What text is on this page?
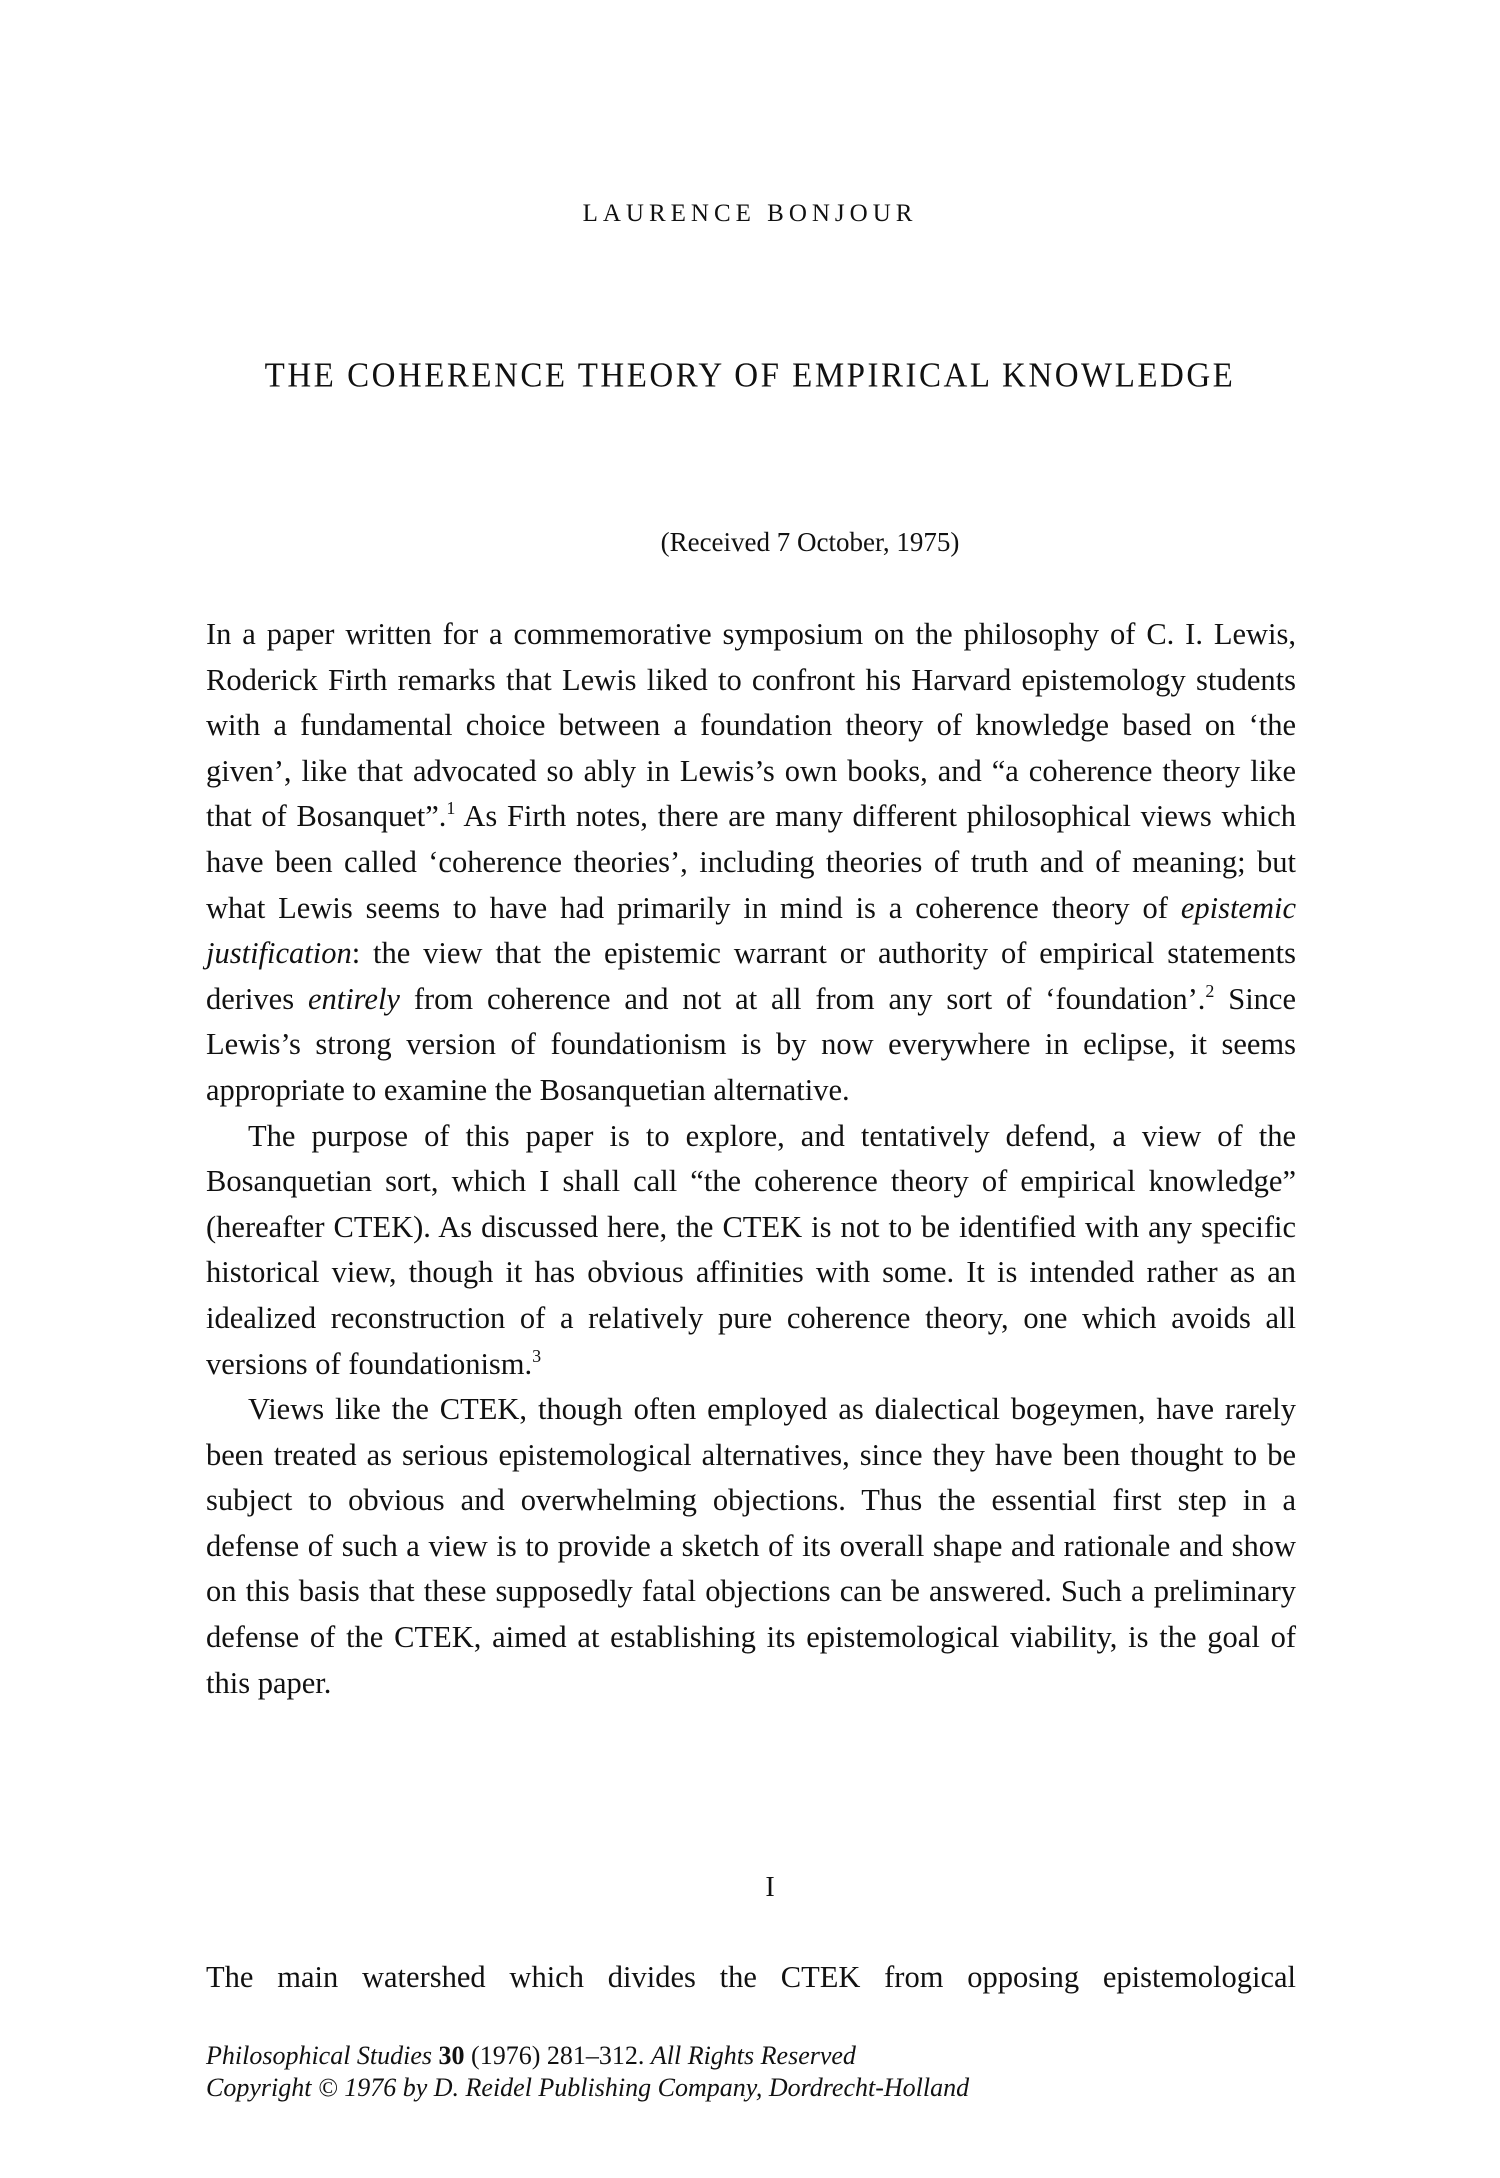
LAURENCE BONJOUR
THE COHERENCE THEORY OF EMPIRICAL KNOWLEDGE
(Received 7 October, 1975)

In a paper written for a commemorative symposium on the philosophy of C. I. Lewis, Roderick Firth remarks that Lewis liked to confront his Harvard epistemology students with a fundamental choice between a foundation theory of knowledge based on ‘the given’, like that advocated so ably in Lewis’s own books, and “a coherence theory like that of Bosanquet”.$^1$ As Firth notes, there are many different philosophical views which have been called ‘coherence theories’, including theories of truth and of meaning; but what Lewis seems to have had primarily in mind is a coherence theory of epistemic justification: the view that the epistemic warrant or authority of empirical statements derives entirely from coherence and not at all from any sort of ‘foundation’.$^2$ Since Lewis’s strong version of foundationism is by now everywhere in eclipse, it seems appropriate to examine the Bosanquetian alternative.

The purpose of this paper is to explore, and tentatively defend, a view of the Bosanquetian sort, which I shall call “the coherence theory of empirical knowledge” (hereafter CTEK). As discussed here, the CTEK is not to be identified with any specific historical view, though it has obvious affinities with some. It is intended rather as an idealized reconstruction of a relatively pure coherence theory, one which avoids all versions of foundationism.$^3$

Views like the CTEK, though often employed as dialectical bogeymen, have rarely been treated as serious epistemological alternatives, since they have been thought to be subject to obvious and overwhelming objections. Thus the essential first step in a defense of such a view is to provide a sketch of its overall shape and rationale and show on this basis that these supposedly fatal objections can be answered. Such a preliminary defense of the CTEK, aimed at establishing its epistemological viability, is the goal of this paper.

I
The main watershed which divides the CTEK from opposing epistemological
Philosophical Studies 30 (1976) 281–312. All Rights Reserved
Copyright © 1976 by D. Reidel Publishing Company, Dordrecht-Holland
